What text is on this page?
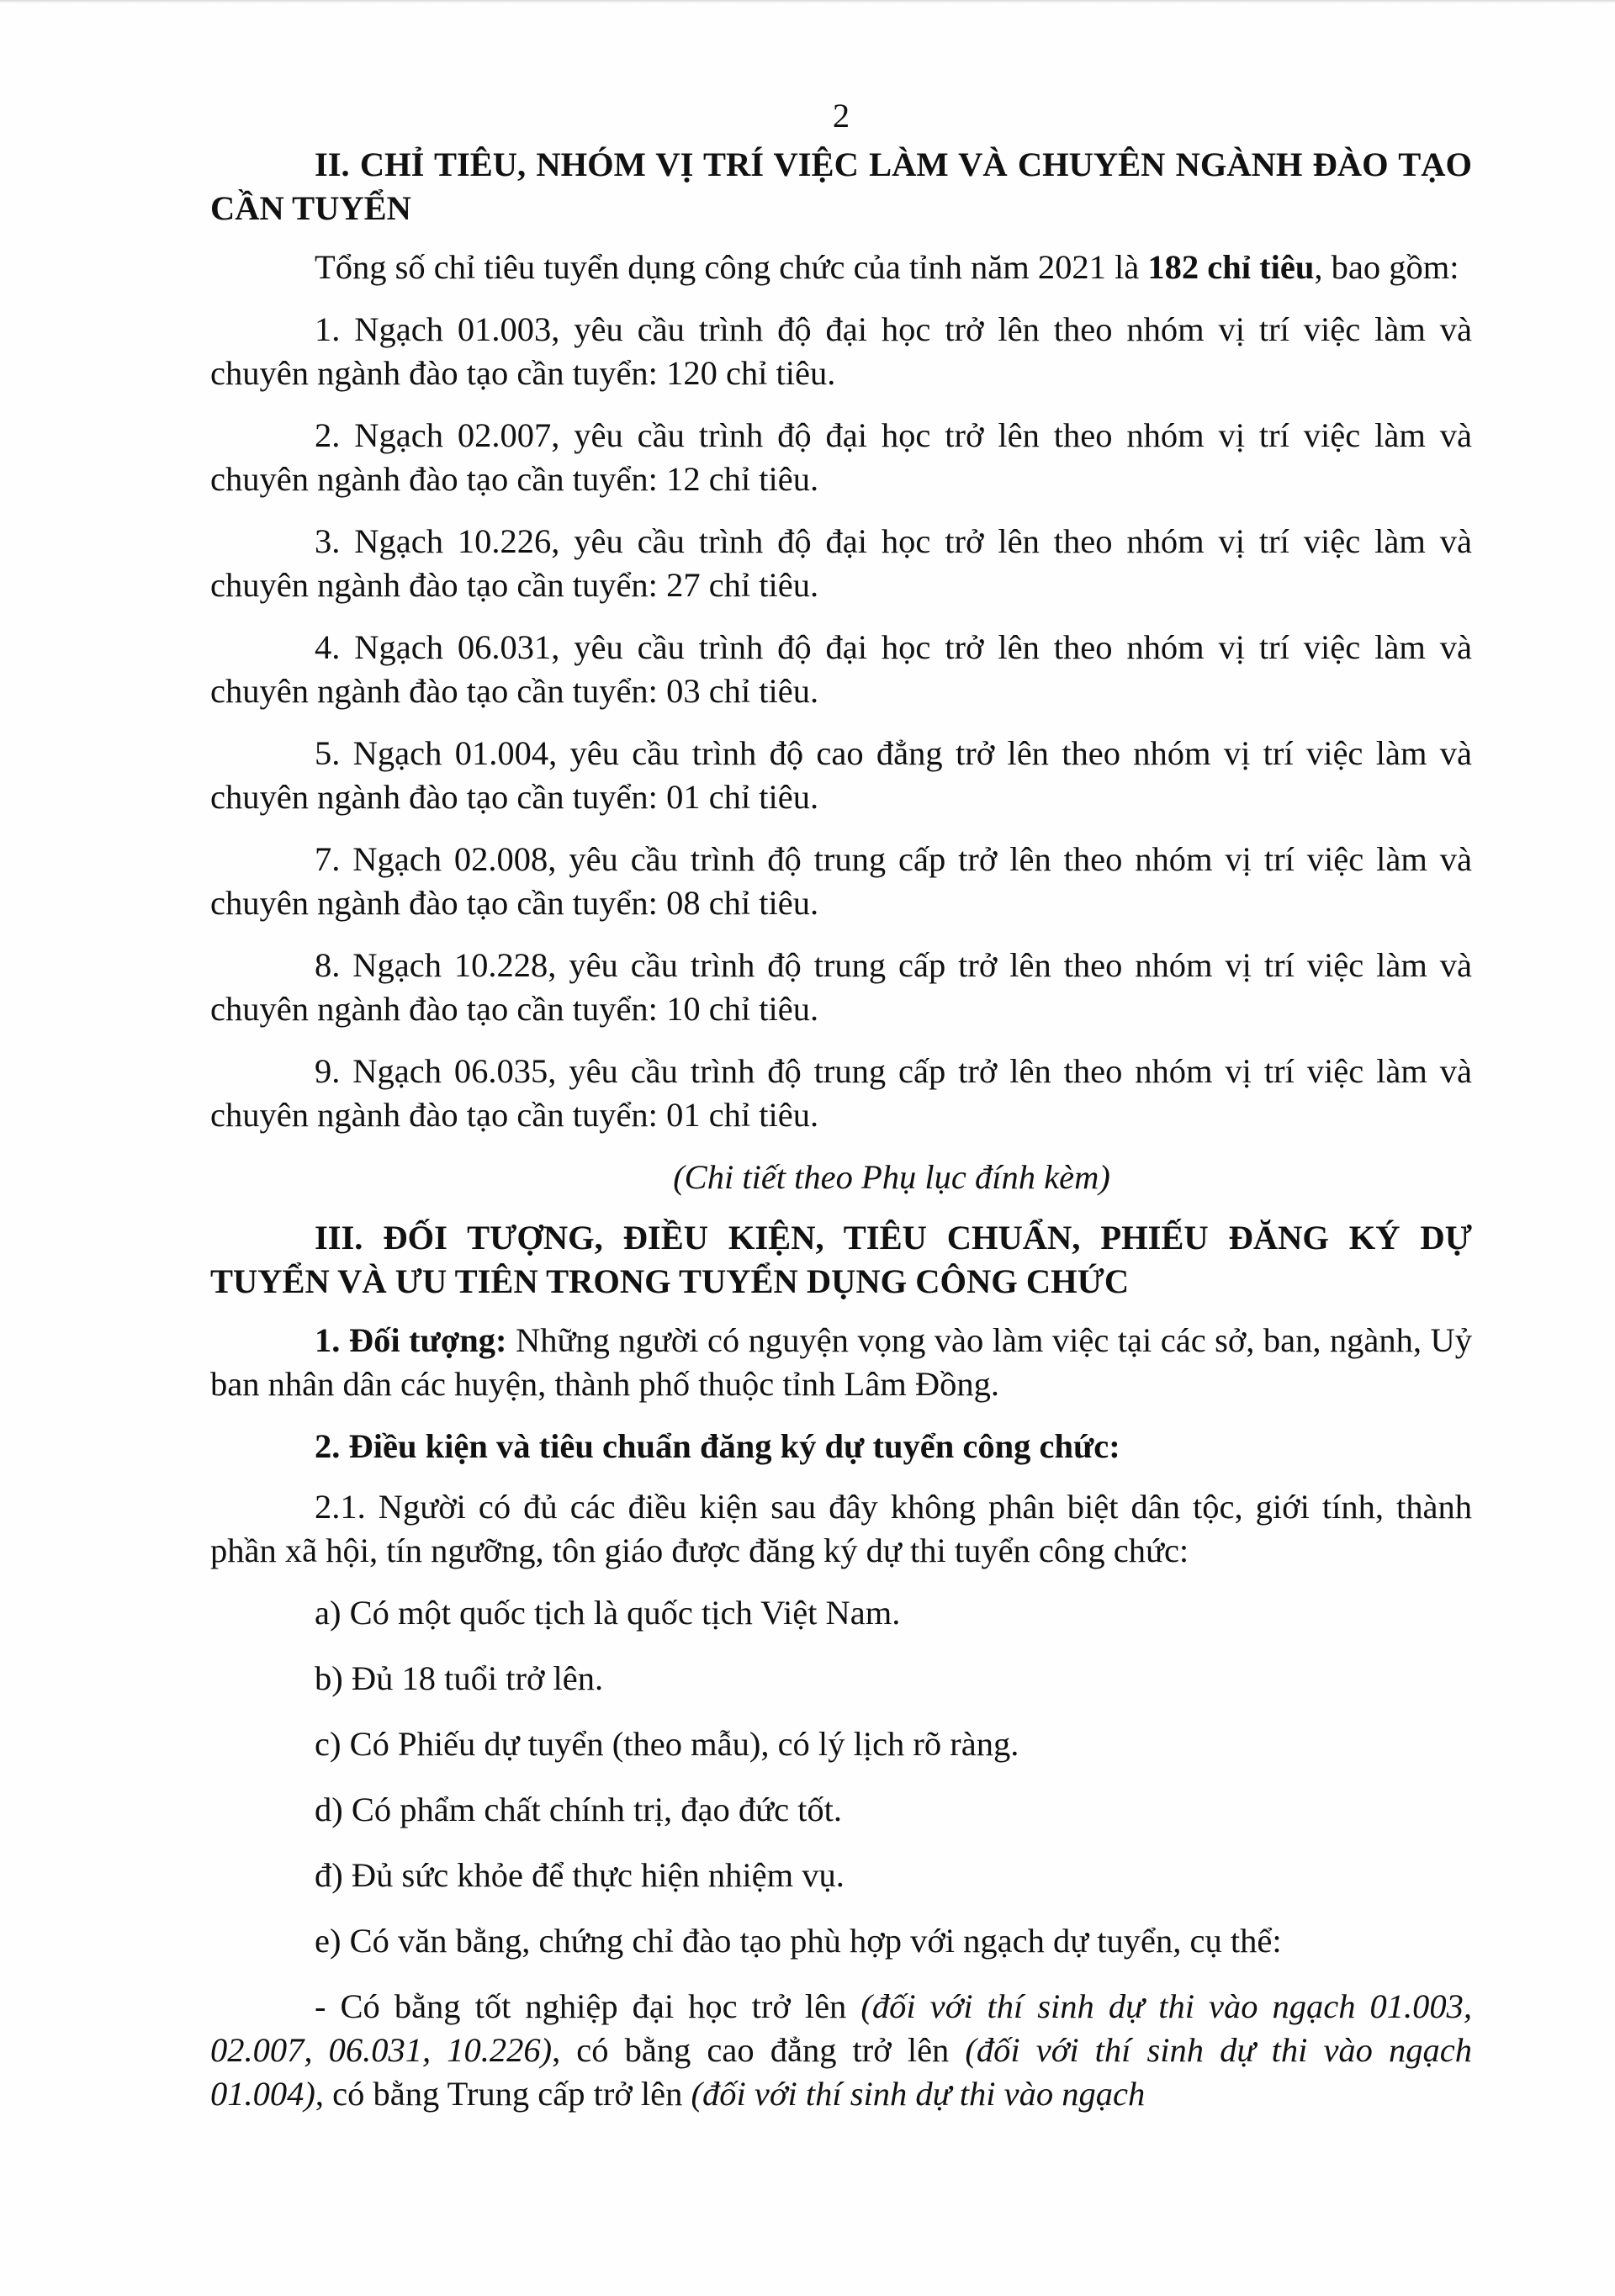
2

II. CHỈ TIÊU, NHÓM VỊ TRÍ VIỆC LÀM VÀ CHUYÊN NGÀNH ĐÀO TẠO CẦN TUYỂN

Tổng số chỉ tiêu tuyển dụng công chức của tỉnh năm 2021 là 182 chỉ tiêu, bao gồm:

1. Ngạch 01.003, yêu cầu trình độ đại học trở lên theo nhóm vị trí việc làm và chuyên ngành đào tạo cần tuyển: 120 chỉ tiêu.

2. Ngạch 02.007, yêu cầu trình độ đại học trở lên theo nhóm vị trí việc làm và chuyên ngành đào tạo cần tuyển: 12 chỉ tiêu.

3. Ngạch 10.226, yêu cầu trình độ đại học trở lên theo nhóm vị trí việc làm và chuyên ngành đào tạo cần tuyển: 27 chỉ tiêu.

4. Ngạch 06.031, yêu cầu trình độ đại học trở lên theo nhóm vị trí việc làm và chuyên ngành đào tạo cần tuyển: 03 chỉ tiêu.

5. Ngạch 01.004, yêu cầu trình độ cao đẳng trở lên theo nhóm vị trí việc làm và chuyên ngành đào tạo cần tuyển: 01 chỉ tiêu.

7. Ngạch 02.008, yêu cầu trình độ trung cấp trở lên theo nhóm vị trí việc làm và chuyên ngành đào tạo cần tuyển: 08 chỉ tiêu.

8. Ngạch 10.228, yêu cầu trình độ trung cấp trở lên theo nhóm vị trí việc làm và chuyên ngành đào tạo cần tuyển: 10 chỉ tiêu.

9. Ngạch 06.035, yêu cầu trình độ trung cấp trở lên theo nhóm vị trí việc làm và chuyên ngành đào tạo cần tuyển: 01 chỉ tiêu.

(Chi tiết theo Phụ lục đính kèm)

III. ĐỐI TƯỢNG, ĐIỀU KIỆN, TIÊU CHUẨN, PHIẾU ĐĂNG KÝ DỰ TUYỂN VÀ ƯU TIÊN TRONG TUYỂN DỤNG CÔNG CHỨC

1. Đối tượng: Những người có nguyện vọng vào làm việc tại các sở, ban, ngành, Uỷ ban nhân dân các huyện, thành phố thuộc tỉnh Lâm Đồng.

2. Điều kiện và tiêu chuẩn đăng ký dự tuyển công chức:

2.1. Người có đủ các điều kiện sau đây không phân biệt dân tộc, giới tính, thành phần xã hội, tín ngưỡng, tôn giáo được đăng ký dự thi tuyển công chức:

a) Có một quốc tịch là quốc tịch Việt Nam.

b) Đủ 18 tuổi trở lên.

c) Có Phiếu dự tuyển (theo mẫu), có lý lịch rõ ràng.

d) Có phẩm chất chính trị, đạo đức tốt.

đ) Đủ sức khỏe để thực hiện nhiệm vụ.

e) Có văn bằng, chứng chỉ đào tạo phù hợp với ngạch dự tuyển, cụ thể:

- Có bằng tốt nghiệp đại học trở lên (đối với thí sinh dự thi vào ngạch 01.003, 02.007, 06.031, 10.226), có bằng cao đẳng trở lên (đối với thí sinh dự thi vào ngạch 01.004), có bằng Trung cấp trở lên (đối với thí sinh dự thi vào ngạch
